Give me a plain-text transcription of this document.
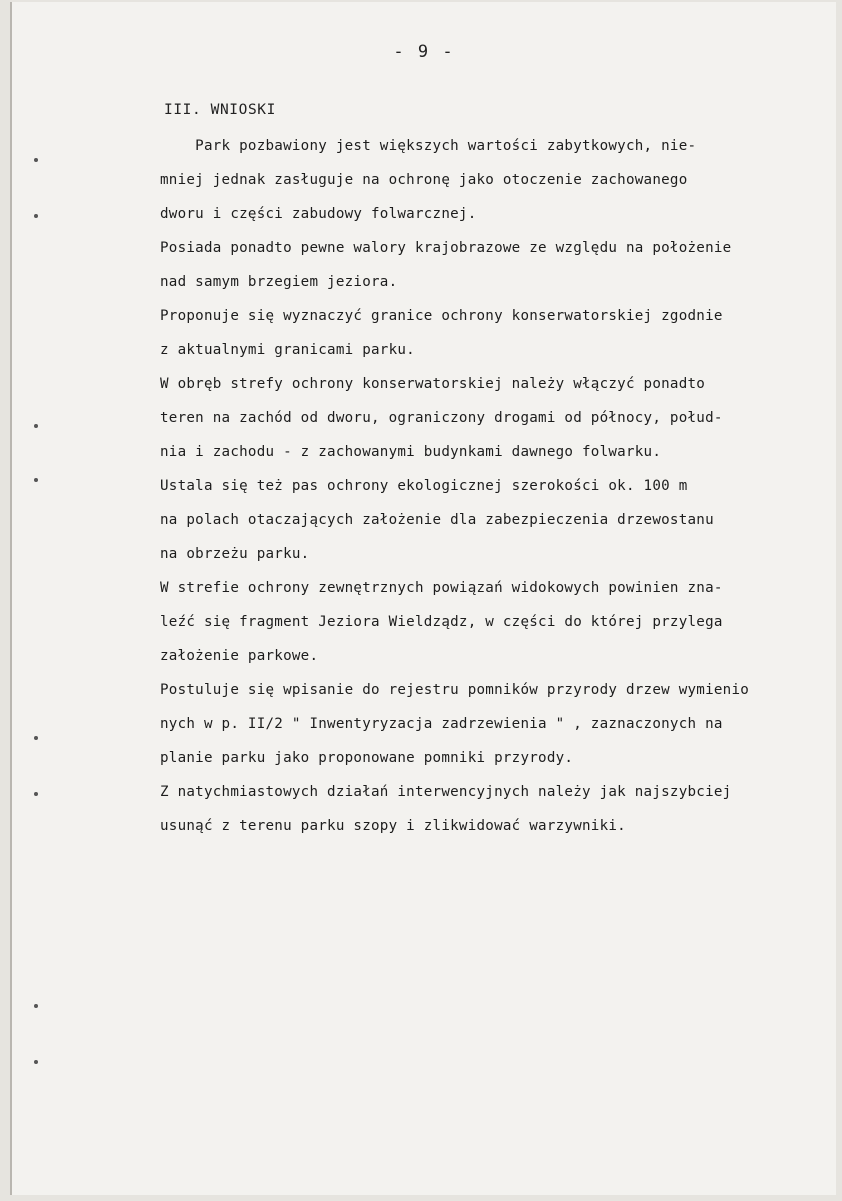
- 9 -
III. WNIOSKI
Park pozbawiony jest większych wartości zabytkowych, nie-
mniej jednak zasługuje na ochronę jako otoczenie zachowanego
dworu i części zabudowy folwarcznej.
Posiada ponadto pewne walory krajobrazowe ze względu na położenie
nad samym brzegiem jeziora.
Proponuje się wyznaczyć granice ochrony konserwatorskiej zgodnie
z aktualnymi granicami parku.
W obręb strefy ochrony konserwatorskiej należy włączyć ponadto
teren na zachód od dworu, ograniczony drogami od północy, połud-
nia i zachodu - z zachowanymi budynkami dawnego folwarku.
Ustala się też pas ochrony ekologicznej szerokości ok. 100 m
na polach otaczających założenie dla zabezpieczenia drzewostanu
na obrzeżu parku.
W strefie ochrony zewnętrznych powiązań widokowych powinien zna-
leźć się fragment Jeziora Wieldządz, w części do której przylega
założenie parkowe.
Postuluje się wpisanie do rejestru pomników przyrody drzew wymienio
nych w p. II/2 " Inwentyryzacja zadrzewienia " , zaznaczonych na
planie parku jako proponowane pomniki przyrody.
Z natychmiastowych działań interwencyjnych należy jak najszybciej
usunąć z terenu parku szopy i zlikwidować warzywniki.
